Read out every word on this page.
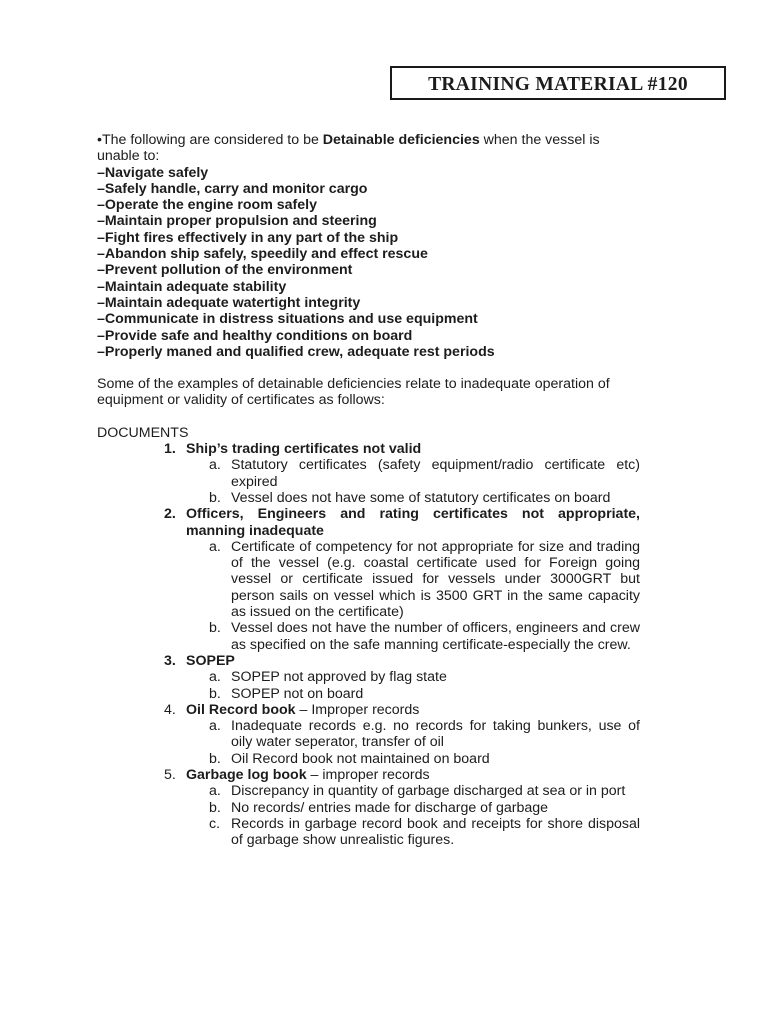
TRAINING MATERIAL #120

•The following are considered to be Detainable deficiencies when the vessel is unable to:

–Navigate safely
–Safely handle, carry and monitor cargo
–Operate the engine room safely
–Maintain proper propulsion and steering
–Fight fires effectively in any part of the ship
–Abandon ship safely, speedily and effect rescue
–Prevent pollution of the environment
–Maintain adequate stability
–Maintain adequate watertight integrity
–Communicate in distress situations and use equipment
–Provide safe and healthy conditions on board
–Properly maned and qualified crew, adequate rest periods

Some of the examples of detainable deficiencies relate to inadequate operation of equipment or validity of certificates as follows:

DOCUMENTS

1. Ship’s trading certificates not valid
a. Statutory certificates (safety equipment/radio certificate etc) expired
b. Vessel does not have some of statutory certificates on board
2. Officers, Engineers and rating certificates not appropriate, manning inadequate
a. Certificate of competency for not appropriate for size and trading of the vessel (e.g. coastal certificate used for Foreign going vessel or certificate issued for vessels under 3000GRT but person sails on vessel which is 3500 GRT in the same capacity as issued on the certificate)
b. Vessel does not have the number of officers, engineers and crew as specified on the safe manning certificate-especially the crew.
3. SOPEP
a. SOPEP not approved by flag state
b. SOPEP not on board
4. Oil Record book – Improper records
a. Inadequate records e.g. no records for taking bunkers, use of oily water seperator, transfer of oil
b. Oil Record book not maintained on board
5. Garbage log book – improper records
a. Discrepancy in quantity of garbage discharged at sea or in port
b. No records/ entries made for discharge of garbage
c. Records in garbage record book and receipts for shore disposal of garbage show unrealistic figures.
